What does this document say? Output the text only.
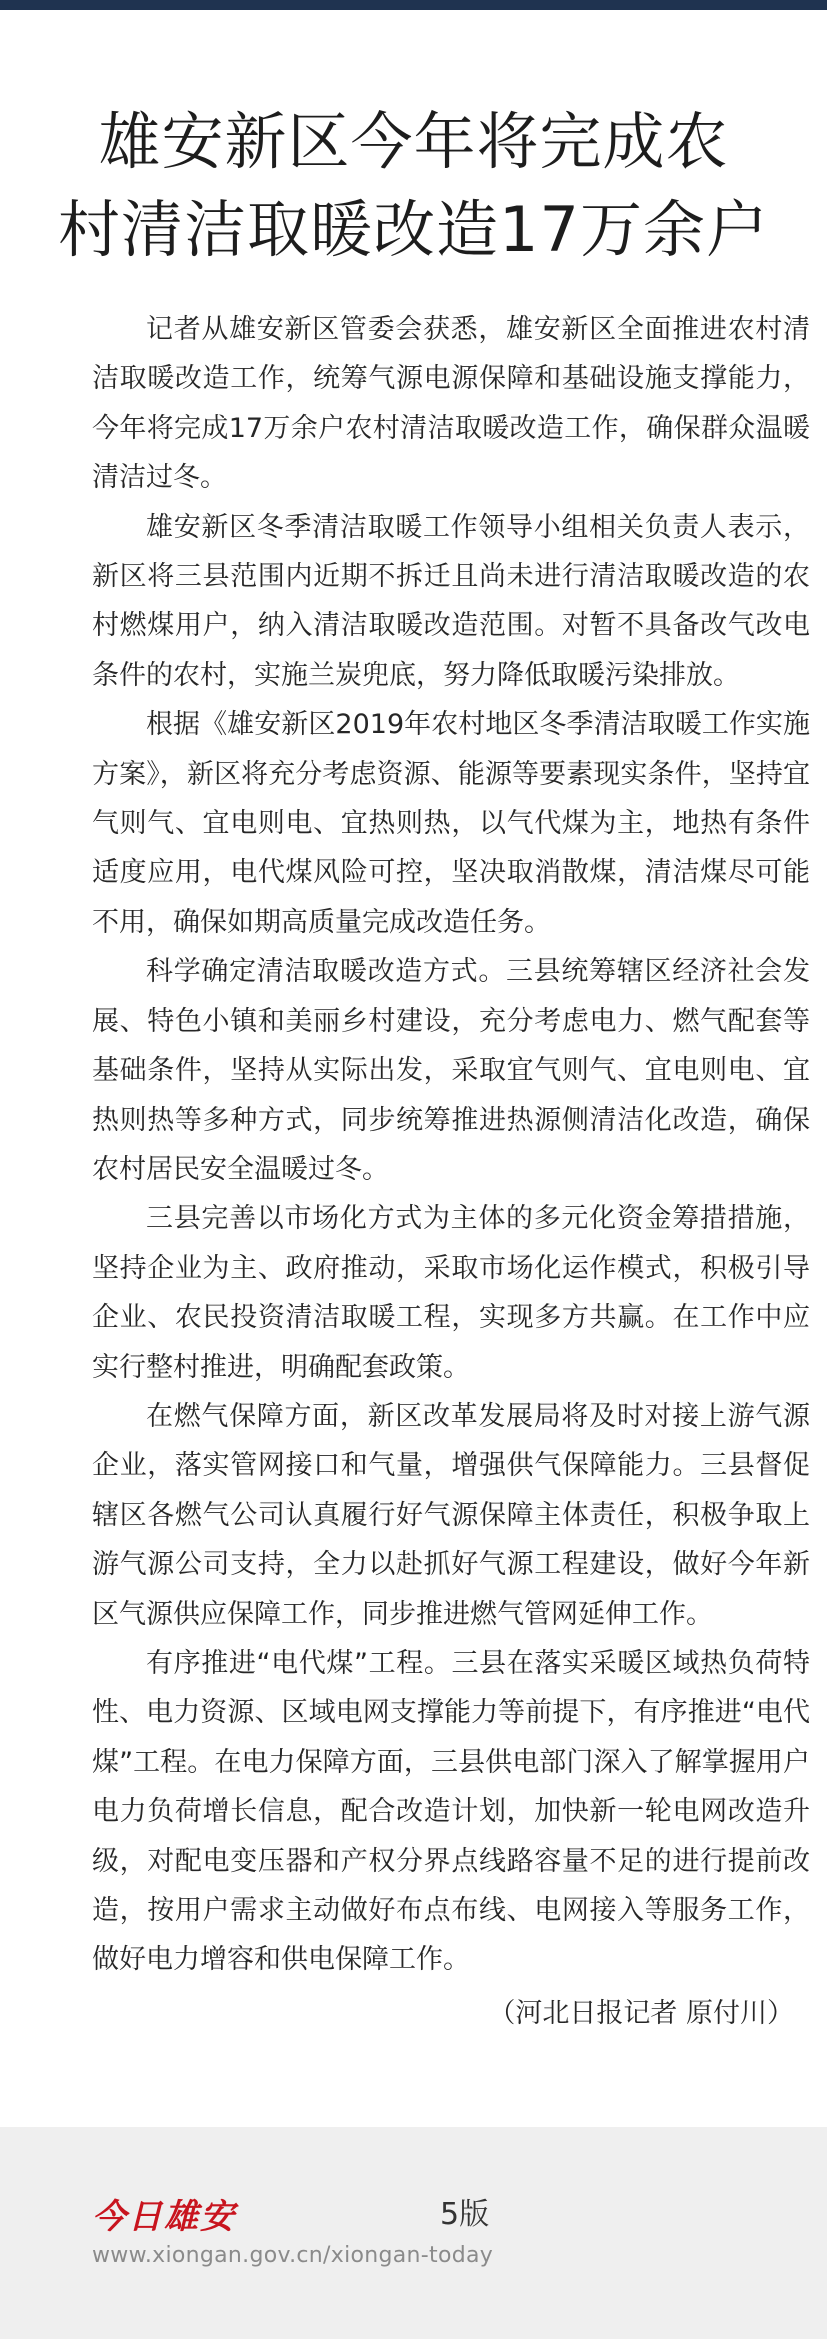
雄安新区今年将完成农
村清洁取暖改造17万余户

记者从雄安新区管委会获悉，雄安新区全面推进农村清洁取暖改造工作，统筹气源电源保障和基础设施支撑能力，今年将完成17万余户农村清洁取暖改造工作，确保群众温暖清洁过冬。

雄安新区冬季清洁取暖工作领导小组相关负责人表示，新区将三县范围内近期不拆迁且尚未进行清洁取暖改造的农村燃煤用户，纳入清洁取暖改造范围。对暂不具备改气改电条件的农村，实施兰炭兜底，努力降低取暖污染排放。

根据《雄安新区2019年农村地区冬季清洁取暖工作实施方案》，新区将充分考虑资源、能源等要素现实条件，坚持宜气则气、宜电则电、宜热则热，以气代煤为主，地热有条件适度应用，电代煤风险可控，坚决取消散煤，清洁煤尽可能不用，确保如期高质量完成改造任务。

科学确定清洁取暖改造方式。三县统筹辖区经济社会发展、特色小镇和美丽乡村建设，充分考虑电力、燃气配套等基础条件，坚持从实际出发，采取宜气则气、宜电则电、宜热则热等多种方式，同步统筹推进热源侧清洁化改造，确保农村居民安全温暖过冬。

三县完善以市场化方式为主体的多元化资金筹措措施，坚持企业为主、政府推动，采取市场化运作模式，积极引导企业、农民投资清洁取暖工程，实现多方共赢。在工作中应实行整村推进，明确配套政策。

在燃气保障方面，新区改革发展局将及时对接上游气源企业，落实管网接口和气量，增强供气保障能力。三县督促辖区各燃气公司认真履行好气源保障主体责任，积极争取上游气源公司支持，全力以赴抓好气源工程建设，做好今年新区气源供应保障工作，同步推进燃气管网延伸工作。

有序推进“电代煤”工程。三县在落实采暖区域热负荷特性、电力资源、区域电网支撑能力等前提下，有序推进“电代煤”工程。在电力保障方面，三县供电部门深入了解掌握用户电力负荷增长信息，配合改造计划，加快新一轮电网改造升级，对配电变压器和产权分界点线路容量不足的进行提前改造，按用户需求主动做好布点布线、电网接入等服务工作，做好电力增容和供电保障工作。

（河北日报记者 原付川）

今日雄安	5版
www.xiongan.gov.cn/xiongan-today
